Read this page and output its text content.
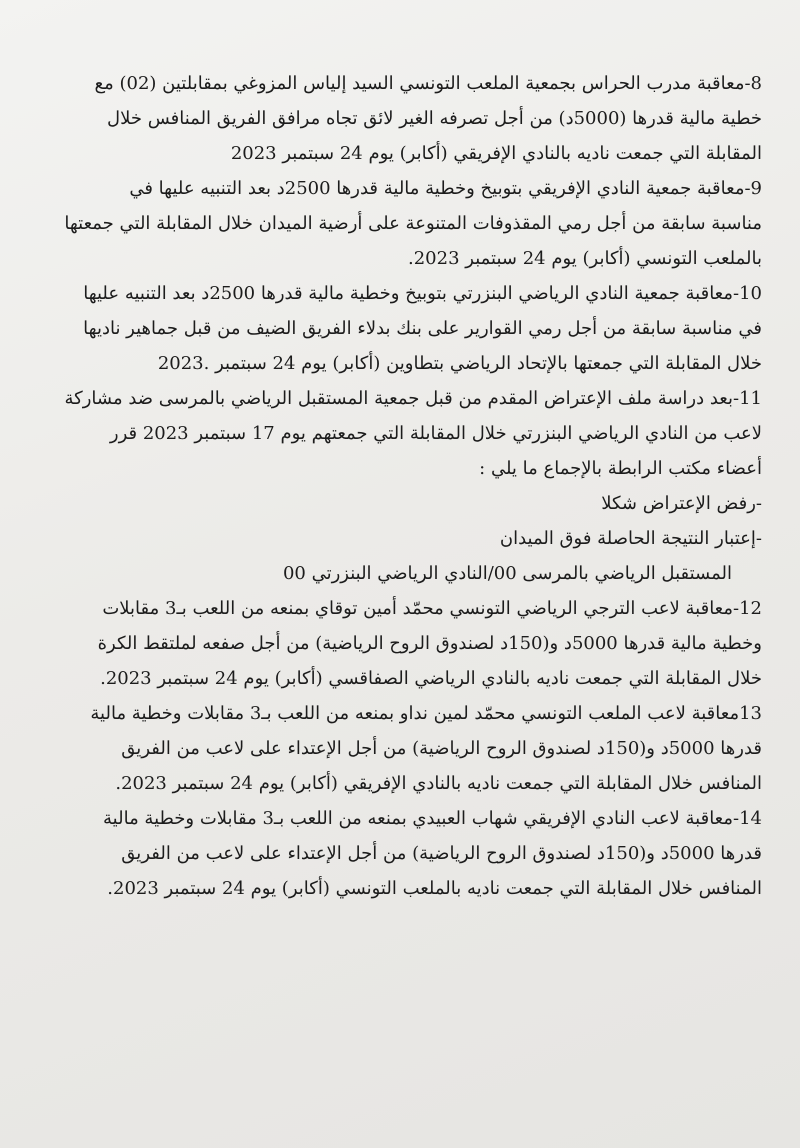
8-معاقبة مدرب الحراس بجمعية الملعب التونسي السيد إلياس المزوغي بمقابلتين (02) مع
خطية مالية قدرها (5000د) من أجل تصرفه الغير لائق تجاه مرافق الفريق المنافس خلال
المقابلة التي جمعت ناديه بالنادي الإفريقي (أكابر) يوم 24 سبتمبر 2023

9-معاقبة جمعية النادي الإفريقي بتوبيخ وخطية مالية قدرها 2500د بعد التنبيه عليها في
مناسبة سابقة من أجل رمي المقذوفات المتنوعة على أرضية الميدان خلال المقابلة التي جمعتها
بالملعب التونسي (أكابر) يوم 24 سبتمبر 2023.

10-معاقبة جمعية النادي الرياضي البنزرتي بتوبيخ وخطية مالية قدرها 2500د بعد التنبيه عليها
في مناسبة سابقة من أجل رمي القوارير على بنك بدلاء الفريق الضيف من قبل جماهير ناديها
خلال المقابلة التي جمعتها بالإتحاد الرياضي بتطاوين (أكابر) يوم 24 سبتمبر .2023

11-بعد دراسة ملف الإعتراض المقدم من قبل جمعية المستقبل الرياضي بالمرسى ضد مشاركة
لاعب من النادي الرياضي البنزرتي خلال المقابلة التي جمعتهم يوم 17 سبتمبر 2023 قرر
أعضاء مكتب الرابطة بالإجماع ما يلي :
-رفض الإعتراض شكلا
-إعتبار النتيجة الحاصلة فوق الميدان
المستقبل الرياضي بالمرسى 00/النادي الرياضي البنزرتي 00

12-معاقبة لاعب الترجي الرياضي التونسي محمّد أمين توقاي بمنعه من اللعب بـ3 مقابلات
وخطية مالية قدرها 5000د و(150د لصندوق الروح الرياضية) من أجل صفعه لملتقط الكرة
خلال المقابلة التي جمعت ناديه بالنادي الرياضي الصفاقسي (أكابر) يوم 24 سبتمبر 2023.

13معاقبة لاعب الملعب التونسي محمّد لمين نداو بمنعه من اللعب بـ3 مقابلات وخطية مالية
قدرها 5000د و(150د لصندوق الروح الرياضية) من أجل الإعتداء على لاعب من الفريق
المنافس خلال المقابلة التي جمعت ناديه بالنادي الإفريقي (أكابر) يوم 24 سبتمبر 2023.

14-معاقبة لاعب النادي الإفريقي شهاب العبيدي بمنعه من اللعب بـ3 مقابلات وخطية مالية
قدرها 5000د و(150د لصندوق الروح الرياضية) من أجل الإعتداء على لاعب من الفريق
المنافس خلال المقابلة التي جمعت ناديه بالملعب التونسي (أكابر) يوم 24 سبتمبر 2023.
